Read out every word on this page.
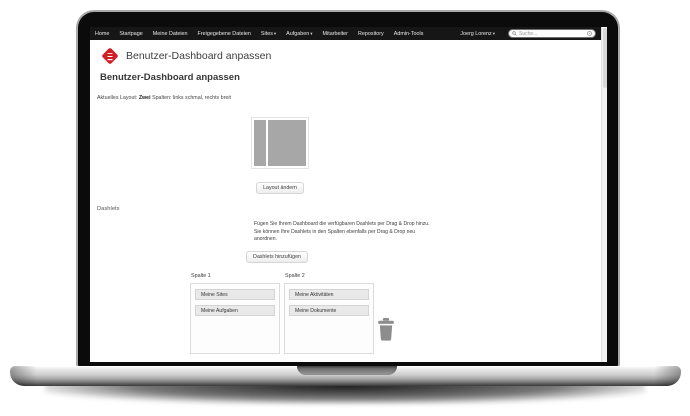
Home Startpage Meine Dateien Freigegebene Dateien Sites▾ Aufgaben▾ Mitarbeiter Repository Admin-Tools	Joerg Lorenz▾
Suche...
Benutzer-Dashboard anpassen
Benutzer-Dashboard anpassen
Aktuelles Layout: Zwei Spalten: links schmal, rechts breit
Layout ändern
Dashlets

Fügen Sie Ihrem Dashboard die verfügbaren Dashlets per Drag & Drop hinzu. Sie können Ihre Dashlets in den Spalten ebenfalls per Drag & Drop neu anordnen.

Dashlets hinzufügen
Spalte 1
Meine Sites
Meine Aufgaben
Spalte 2
Meine Aktivitäten
Meine Dokumente
